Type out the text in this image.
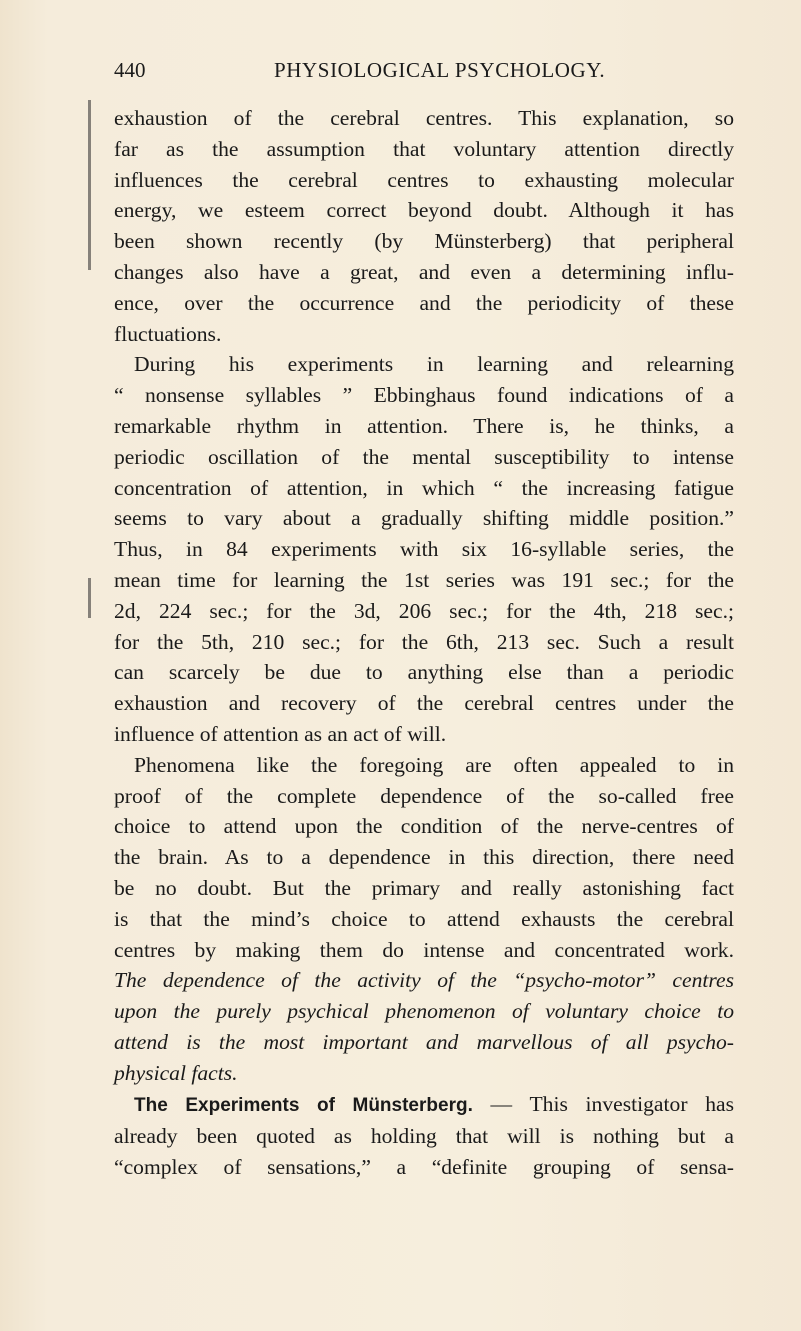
440	PHYSIOLOGICAL PSYCHOLOGY.
exhaustion of the cerebral centres. This explanation, so
far as the assumption that voluntary attention directly
influences the cerebral centres to exhausting molecular
energy, we esteem correct beyond doubt. Although it has
been shown recently (by Münsterberg) that peripheral
changes also have a great, and even a determining influ-
ence, over the occurrence and the periodicity of these
fluctuations.
During his experiments in learning and relearning
“ nonsense syllables ” Ebbinghaus found indications of a
remarkable rhythm in attention. There is, he thinks, a
periodic oscillation of the mental susceptibility to intense
concentration of attention, in which “ the increasing fatigue
seems to vary about a gradually shifting middle position.”
Thus, in 84 experiments with six 16-syllable series, the
mean time for learning the 1st series was 191 sec.; for the
2d, 224 sec.; for the 3d, 206 sec.; for the 4th, 218 sec.;
for the 5th, 210 sec.; for the 6th, 213 sec. Such a result
can scarcely be due to anything else than a periodic
exhaustion and recovery of the cerebral centres under the
influence of attention as an act of will.
Phenomena like the foregoing are often appealed to in
proof of the complete dependence of the so-called free
choice to attend upon the condition of the nerve-centres of
the brain. As to a dependence in this direction, there need
be no doubt. But the primary and really astonishing fact
is that the mind’s choice to attend exhausts the cerebral
centres by making them do intense and concentrated work.
The dependence of the activity of the “psycho-motor” centres
upon the purely psychical phenomenon of voluntary choice to
attend is the most important and marvellous of all psycho-
physical facts.
The Experiments of Münsterberg. — This investigator has
already been quoted as holding that will is nothing but a
“complex of sensations,” a “definite grouping of sensa-
